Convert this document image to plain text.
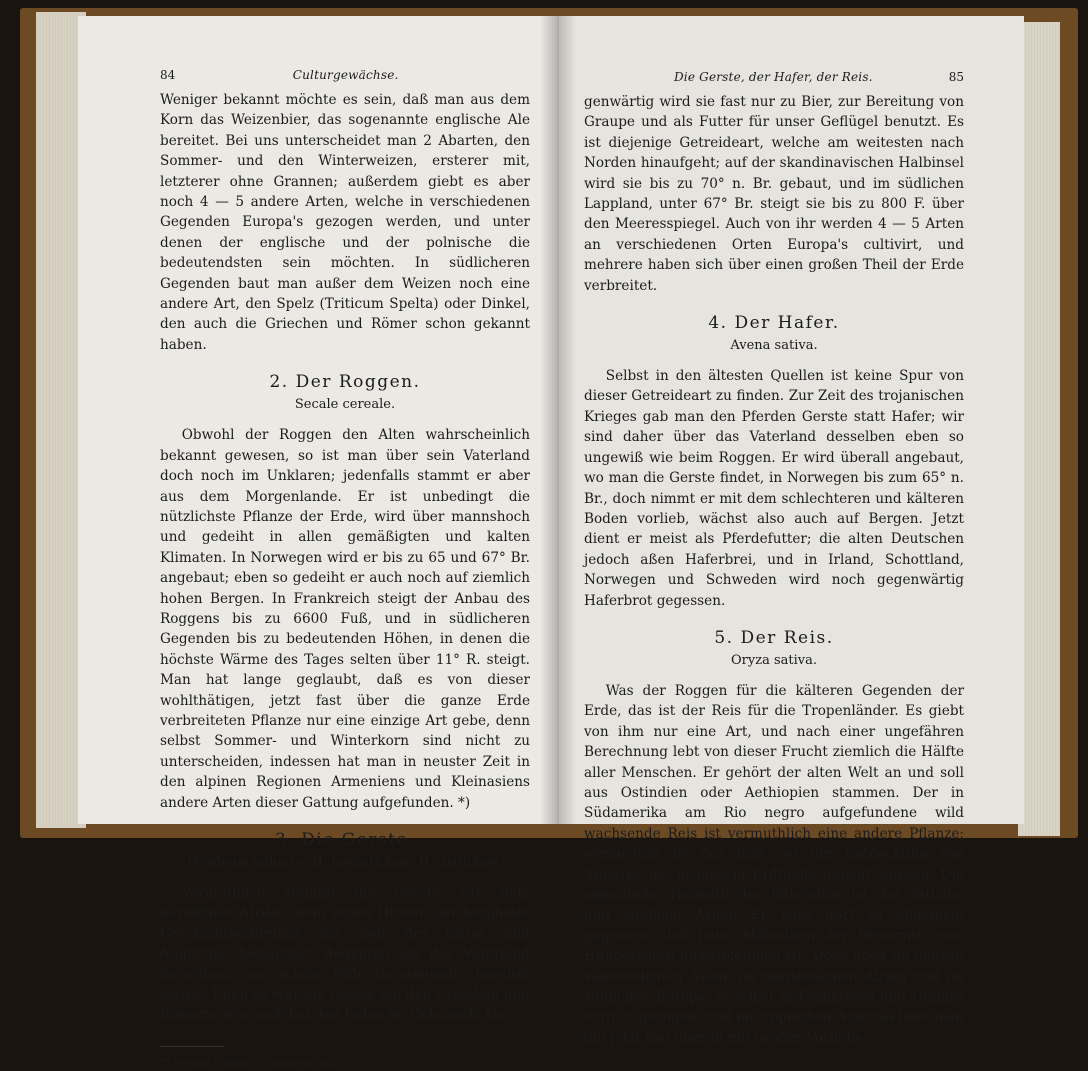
84	Culturgewächse.

Weniger bekannt möchte es sein, daß man aus dem Korn das Weizenbier, das sogenannte englische Ale bereitet. Bei uns unterscheidet man 2 Abarten, den Sommer- und den Winterweizen, ersterer mit, letzterer ohne Grannen; außerdem giebt es aber noch 4 — 5 andere Arten, welche in verschiedenen Gegenden Europa's gezogen werden, und unter denen der englische und der polnische die bedeutendsten sein möchten. In südlicheren Gegenden baut man außer dem Weizen noch eine andere Art, den Spelz (Triticum Spelta) oder Dinkel, den auch die Griechen und Römer schon gekannt haben.

2. Der Roggen.
Secale cereale.

Obwohl der Roggen den Alten wahrscheinlich bekannt gewesen, so ist man über sein Vaterland doch noch im Unklaren; jedenfalls stammt er aber aus dem Morgenlande. Er ist unbedingt die nützlichste Pflanze der Erde, wird über mannshoch und gedeiht in allen gemäßigten und kalten Klimaten. In Norwegen wird er bis zu 65 und 67° Br. angebaut; eben so gedeiht er auch noch auf ziemlich hohen Bergen. In Frankreich steigt der Anbau des Roggens bis zu 6600 Fuß, und in südlicheren Gegenden bis zu bedeutenden Höhen, in denen die höchste Wärme des Tages selten über 11° R. steigt. Man hat lange geglaubt, daß es von dieser wohlthätigen, jetzt fast über die ganze Erde verbreiteten Pflanze nur eine einzige Art gebe, denn selbst Sommer- und Winterkorn sind nicht zu unterscheiden, indessen hat man in neuster Zeit in den alpinen Regionen Armeniens und Kleinasiens andere Arten dieser Gattung aufgefunden. *)

3. Die Gerste.
Hordeum vulgare, H. hexastichon, H. distichon.

Vermuthlich stammt die Gerste aus dem nördlichen Afrika, denn schon Diodor, der berühmte Geschichtsschreiber zur Zeit des Cäsar und Augustus, bezeichnet Aegypten als das Vaterland derselben, wo schon früh Gerstenwein bereitet wurde. Eben so war die Gerste bei den Griechen und Römern, wie auch bei den Juden im Gebrauch. Ge-

*) Secale fragile, S. anatolicum.
Die Gerste, der Hafer, der Reis.	85

genwärtig wird sie fast nur zu Bier, zur Bereitung von Graupe und als Futter für unser Geflügel benutzt. Es ist diejenige Getreideart, welche am weitesten nach Norden hinaufgeht; auf der skandinavischen Halbinsel wird sie bis zu 70° n. Br. gebaut, und im südlichen Lappland, unter 67° Br. steigt sie bis zu 800 F. über den Meeresspiegel. Auch von ihr werden 4 — 5 Arten an verschiedenen Orten Europa's cultivirt, und mehrere haben sich über einen großen Theil der Erde verbreitet.

4. Der Hafer.
Avena sativa.

Selbst in den ältesten Quellen ist keine Spur von dieser Getreideart zu finden. Zur Zeit des trojanischen Krieges gab man den Pferden Gerste statt Hafer; wir sind daher über das Vaterland desselben eben so ungewiß wie beim Roggen. Er wird überall angebaut, wo man die Gerste findet, in Norwegen bis zum 65° n. Br., doch nimmt er mit dem schlechteren und kälteren Boden vorlieb, wächst also auch auf Bergen. Jetzt dient er meist als Pferdefutter; die alten Deutschen jedoch aßen Haferbrei, und in Irland, Schottland, Norwegen und Schweden wird noch gegenwärtig Haferbrot gegessen.

5. Der Reis.
Oryza sativa.

Was der Roggen für die kälteren Gegenden der Erde, das ist der Reis für die Tropenländer. Es giebt von ihm nur eine Art, und nach einer ungefähren Berechnung lebt von dieser Frucht ziemlich die Hälfte aller Menschen. Er gehört der alten Welt an und soll aus Ostindien oder Aethiopien stammen. Der in Südamerika am Rio negro aufgefundene wild wachsende Reis ist vermuthlich eine andere Pflanze; wenigstens ist der Reis vor der Entdeckung von Amerika nie in diesem Erdtheile gebaut worden. Die eigentliche Heimath der Reiscultur ist das östliche und südliche Asien. Er wird dort so allgemein gegessen, daß beim Mißrathen der Reisernte eine Hungersnoth unausbleiblich ist. Doch auch im ganzen südwestlichen Asien, im nordöstlichen Afrika und im südlichen Europa, ja selbst in Frankreich und Ungarn wird er gezogen, und im tropischen Amerika baut man ihn jetzt fast überall mit großer Vorliebe.
